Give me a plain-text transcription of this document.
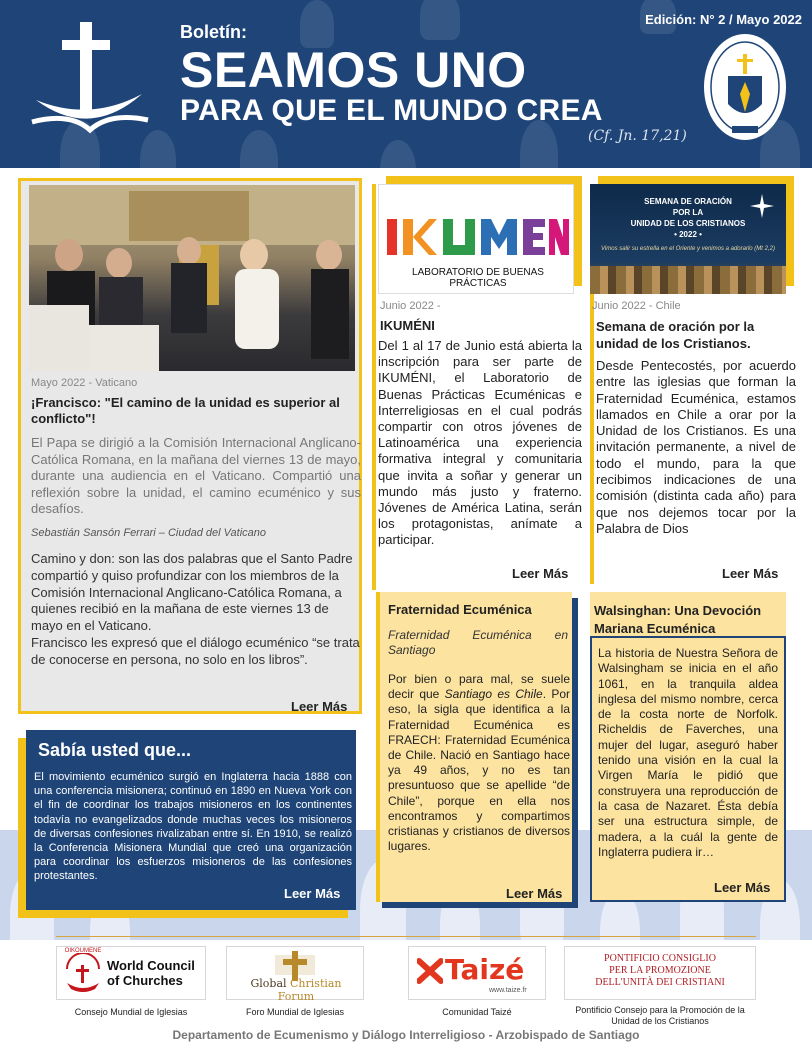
Boletín:
SEAMOS UNO
PARA QUE EL MUNDO CREA
(Cf. Jn. 17,21)
Edición: N° 2 / Mayo 2022
Mayo 2022 - Vaticano
¡Francisco: "El camino de la unidad es superior al conflicto"!
El Papa se dirigió a la Comisión Internacional Anglicano-Católica Romana, en la mañana del viernes 13 de mayo, durante una audiencia en el Vaticano. Compartió una reflexión sobre la unidad, el camino ecuménico y sus desafíos.
Sebastián Sansón Ferrari – Ciudad del Vaticano

Camino y don: son las dos palabras que el Santo Padre compartió y quiso profundizar con los miembros de la Comisión Internacional Anglicano-Católica Romana, a quienes recibió en la mañana de este viernes 13 de mayo en el Vaticano.

Francisco les expresó que el diálogo ecuménico “se trata de conocerse en persona, no solo en los libros”.

Leer Más
Sabía usted que...
El movimiento ecuménico surgió en Inglaterra hacia 1888 con una conferencia misionera; continuó en 1890 en Nueva York con el fin de coordinar los trabajos misioneros en los continentes todavía no evangelizados donde muchas veces los misioneros de diversas confesiones rivalizaban entre sí. En 1910, se realizó la Conferencia Misionera Mundial que creó una organización para coordinar los esfuerzos misioneros de las confesiones protestantes.
Leer Más
LABORATORIO DE BUENAS PRÁCTICAS
Junio 2022 -
IKUMÉNI
Del 1 al 17 de Junio está abierta la inscripción para ser parte de IKUMÉNI, el Laboratorio de Buenas Prácticas Ecuménicas e Interreligiosas en el cual podrás compartir con otros jóvenes de Latinoamérica una experiencia formativa integral y comunitaria que invita a soñar y generar un mundo más justo y fraterno. Jóvenes de América Latina, serán los protagonistas, anímate a participar.
Leer Más
SEMANA DE ORACIÓN
POR LA
UNIDAD DE LOS CRISTIANOS
• 2022 •
Vimos salir su estrella en el Oriente y venimos a adorarlo (Mt 2,2)
Junio 2022 - Chile
Semana de oración por la unidad de los Cristianos.
Desde Pentecostés, por acuerdo entre las iglesias que forman la Fraternidad Ecuménica, estamos llamados en Chile a orar por la Unidad de los Cristianos. Es una invitación permanente, a nivel de todo el mundo, para la que recibimos indicaciones de una comisión (distinta cada año) para que nos dejemos tocar por la Palabra de Dios
Leer Más
Fraternidad Ecuménica
Fraternidad Ecuménica en Santiago
Por bien o para mal, se suele decir que Santiago es Chile. Por eso, la sigla que identifica a la Fraternidad Ecuménica es FRAECH: Fraternidad Ecuménica de Chile. Nació en Santiago hace ya 49 años, y no es tan presuntuoso que se apellide “de Chile”, porque en ella nos encontramos y compartimos cristianas y cristianos de diversos lugares.
Leer Más
Walsinghan: Una Devoción Mariana Ecuménica
La historia de Nuestra Señora de Walsingham se inicia en el año 1061, en la tranquila aldea inglesa del mismo nombre, cerca de la costa norte de Norfolk. Richeldis de Faverches, una mujer del lugar, aseguró haber tenido una visión en la cual la Virgen María le pidió que construyera una reproducción de la casa de Nazaret. Ésta debía ser una estructura simple, de madera, a la cuál la gente de Inglaterra pudiera ir…
Leer Más
OIKOUMENE
World Council
of Churches
Consejo Mundial de Iglesias
Global Christian Forum
Foro Mundial de Iglesias
Taizé
www.taize.fr
Comunidad Taizé
PONTIFICIO CONSIGLIO
PER LA PROMOZIONE
DELL'UNITÀ DEI CRISTIANI
Pontificio Consejo para la Promoción de la
Unidad de los Cristianos
Departamento de Ecumenismo y Diálogo Interreligioso - Arzobispado de Santiago
